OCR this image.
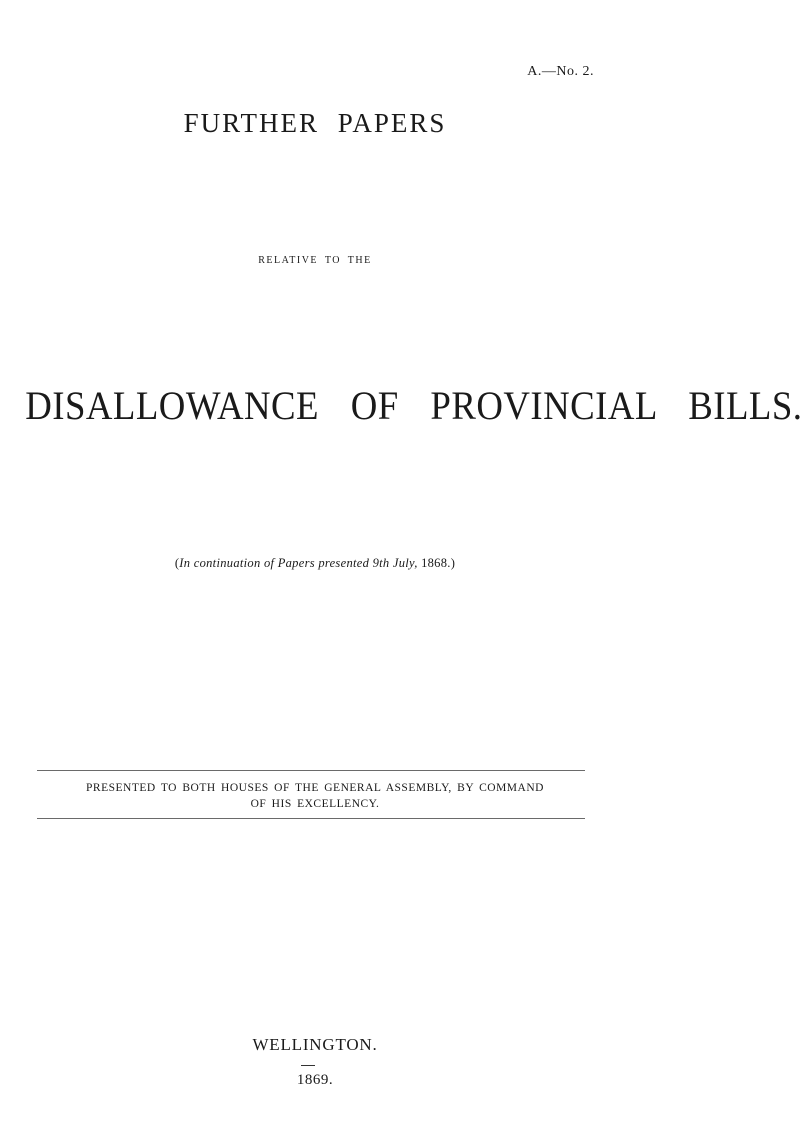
A.—No. 2.
FURTHER PAPERS
RELATIVE TO THE
DISALLOWANCE OF PROVINCIAL BILLS.
(In continuation of Papers presented 9th July, 1868.)
PRESENTED TO BOTH HOUSES OF THE GENERAL ASSEMBLY, BY COMMAND
OF HIS EXCELLENCY.
WELLINGTON.
1869.
